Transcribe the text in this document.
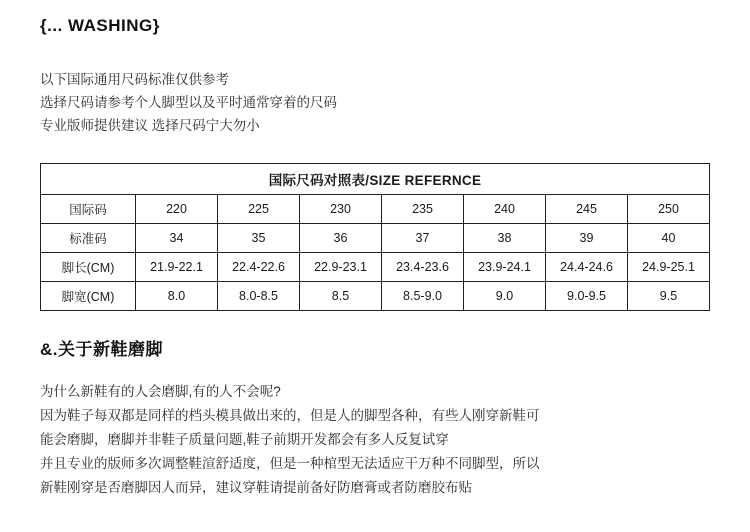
{... WASHING}
以下国际通用尺码标准仅供参考
选择尺码请参考个人脚型以及平时通常穿着的尺码
专业版师提供建议 选择尺码宁大勿小
国际尺码对照表/SIZE REFERNCE							
国际码	220	225	230	235	240	245	250
标准码	34	35	36	37	38	39	40
脚长(CM)	21.9-22.1	22.4-22.6	22.9-23.1	23.4-23.6	23.9-24.1	24.4-24.6	24.9-25.1
脚宽(CM)	8.0	8.0-8.5	8.5	8.5-9.0	9.0	9.0-9.5	9.5
&.关于新鞋磨脚
为什么新鞋有的人会磨脚,有的人不会呢?
因为鞋子每双都是同样的档头模具做出来的，但是人的脚型各种，有些人刚穿新鞋可
能会磨脚，磨脚并非鞋子质量问题,鞋子前期开发都会有多人反复试穿
并且专业的版师多次调整鞋渲舒适度，但是一种棺型无法适应干万种不同脚型，所以
新鞋刚穿是否磨脚因人而异，建议穿鞋请提前备好防磨膏或者防磨胶布贴
